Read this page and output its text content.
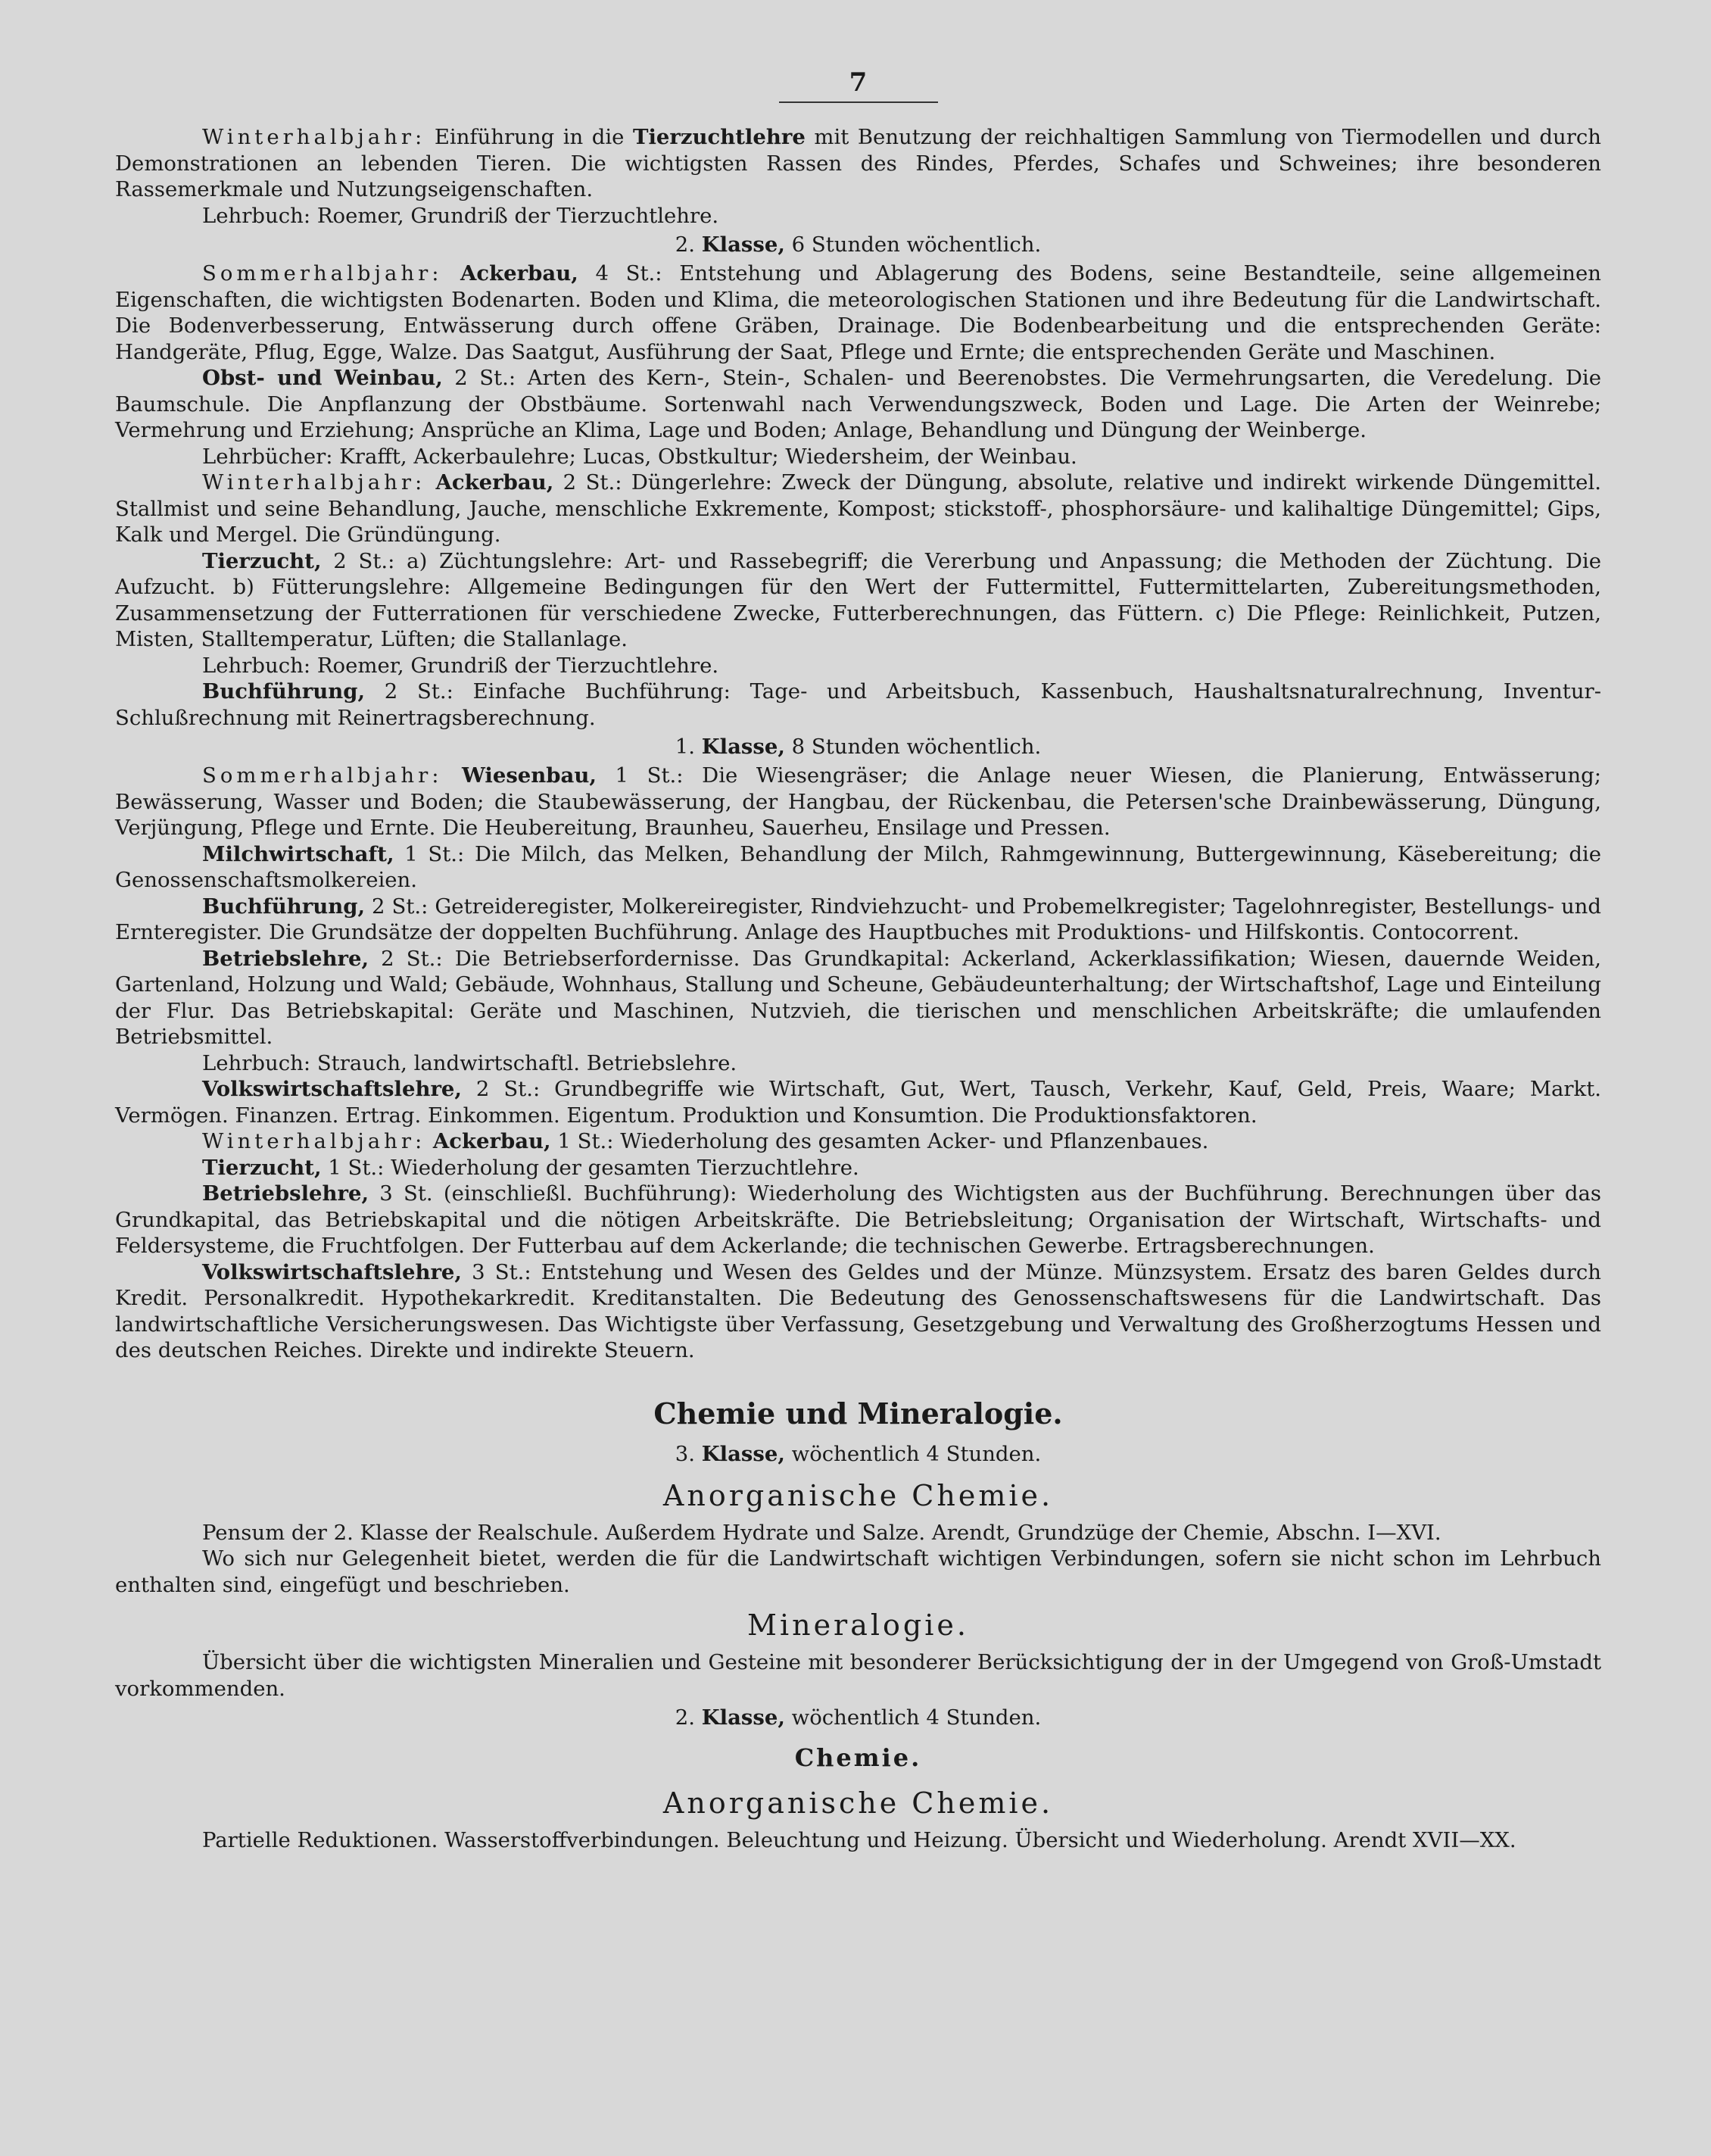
7

Winterhalbjahr: Einführung in die Tierzuchtlehre mit Benutzung der reichhaltigen Sammlung von Tiermodellen und durch Demonstrationen an lebenden Tieren. Die wichtigsten Rassen des Rindes, Pferdes, Schafes und Schweines; ihre besonderen Rassemerkmale und Nutzungseigenschaften.

Lehrbuch: Roemer, Grundriß der Tierzuchtlehre.

2. Klasse, 6 Stunden wöchentlich.

Sommerhalbjahr: Ackerbau, 4 St.: Entstehung und Ablagerung des Bodens, seine Bestandteile, seine allgemeinen Eigenschaften, die wichtigsten Bodenarten. Boden und Klima, die meteorologischen Stationen und ihre Bedeutung für die Landwirtschaft. Die Bodenverbesserung, Entwässerung durch offene Gräben, Drainage. Die Bodenbearbeitung und die entsprechenden Geräte: Handgeräte, Pflug, Egge, Walze. Das Saatgut, Ausführung der Saat, Pflege und Ernte; die entsprechenden Geräte und Maschinen.

Obst- und Weinbau, 2 St.: Arten des Kern-, Stein-, Schalen- und Beerenobstes. Die Vermehrungsarten, die Veredelung. Die Baumschule. Die Anpflanzung der Obstbäume. Sortenwahl nach Verwendungszweck, Boden und Lage. Die Arten der Weinrebe; Vermehrung und Erziehung; Ansprüche an Klima, Lage und Boden; Anlage, Behandlung und Düngung der Weinberge.

Lehrbücher: Krafft, Ackerbaulehre; Lucas, Obstkultur; Wiedersheim, der Weinbau.

Winterhalbjahr: Ackerbau, 2 St.: Düngerlehre: Zweck der Düngung, absolute, relative und indirekt wirkende Düngemittel. Stallmist und seine Behandlung, Jauche, menschliche Exkremente, Kompost; stickstoff-, phosphorsäure- und kalihaltige Düngemittel; Gips, Kalk und Mergel. Die Gründüngung.

Tierzucht, 2 St.: a) Züchtungslehre: Art- und Rassebegriff; die Vererbung und Anpassung; die Methoden der Züchtung. Die Aufzucht. b) Fütterungslehre: Allgemeine Bedingungen für den Wert der Futtermittel, Futtermittelarten, Zubereitungsmethoden, Zusammensetzung der Futterrationen für verschiedene Zwecke, Futterberechnungen, das Füttern. c) Die Pflege: Reinlichkeit, Putzen, Misten, Stalltemperatur, Lüften; die Stallanlage.

Lehrbuch: Roemer, Grundriß der Tierzuchtlehre.

Buchführung, 2 St.: Einfache Buchführung: Tage- und Arbeitsbuch, Kassenbuch, Haushaltsnaturalrechnung, Inventur-Schlußrechnung mit Reinertragsberechnung.

1. Klasse, 8 Stunden wöchentlich.

Sommerhalbjahr: Wiesenbau, 1 St.: Die Wiesengräser; die Anlage neuer Wiesen, die Planierung, Entwässerung; Bewässerung, Wasser und Boden; die Staubewässerung, der Hangbau, der Rückenbau, die Petersen'sche Drainbewässerung, Düngung, Verjüngung, Pflege und Ernte. Die Heubereitung, Braunheu, Sauerheu, Ensilage und Pressen.

Milchwirtschaft, 1 St.: Die Milch, das Melken, Behandlung der Milch, Rahmgewinnung, Buttergewinnung, Käsebereitung; die Genossenschaftsmolkereien.

Buchführung, 2 St.: Getreideregister, Molkereiregister, Rindviehzucht- und Probemelkregister; Tagelohnregister, Bestellungs- und Ernteregister. Die Grundsätze der doppelten Buchführung. Anlage des Hauptbuches mit Produktions- und Hilfskontis. Contocorrent.

Betriebslehre, 2 St.: Die Betriebserfordernisse. Das Grundkapital: Ackerland, Ackerklassifikation; Wiesen, dauernde Weiden, Gartenland, Holzung und Wald; Gebäude, Wohnhaus, Stallung und Scheune, Gebäudeunterhaltung; der Wirtschaftshof, Lage und Einteilung der Flur. Das Betriebskapital: Geräte und Maschinen, Nutzvieh, die tierischen und menschlichen Arbeitskräfte; die umlaufenden Betriebsmittel.

Lehrbuch: Strauch, landwirtschaftl. Betriebslehre.

Volkswirtschaftslehre, 2 St.: Grundbegriffe wie Wirtschaft, Gut, Wert, Tausch, Verkehr, Kauf, Geld, Preis, Waare; Markt. Vermögen. Finanzen. Ertrag. Einkommen. Eigentum. Produktion und Konsumtion. Die Produktionsfaktoren.

Winterhalbjahr: Ackerbau, 1 St.: Wiederholung des gesamten Acker- und Pflanzenbaues.

Tierzucht, 1 St.: Wiederholung der gesamten Tierzuchtlehre.

Betriebslehre, 3 St. (einschließl. Buchführung): Wiederholung des Wichtigsten aus der Buchführung. Berechnungen über das Grundkapital, das Betriebskapital und die nötigen Arbeitskräfte. Die Betriebsleitung; Organisation der Wirtschaft, Wirtschafts- und Feldersysteme, die Fruchtfolgen. Der Futterbau auf dem Ackerlande; die technischen Gewerbe. Ertragsberechnungen.

Volkswirtschaftslehre, 3 St.: Entstehung und Wesen des Geldes und der Münze. Münzsystem. Ersatz des baren Geldes durch Kredit. Personalkredit. Hypothekarkredit. Kreditanstalten. Die Bedeutung des Genossenschaftswesens für die Landwirtschaft. Das landwirtschaftliche Versicherungswesen. Das Wichtigste über Verfassung, Gesetzgebung und Verwaltung des Großherzogtums Hessen und des deutschen Reiches. Direkte und indirekte Steuern.

Chemie und Mineralogie.
3. Klasse, wöchentlich 4 Stunden.
Anorganische Chemie.

Pensum der 2. Klasse der Realschule. Außerdem Hydrate und Salze. Arendt, Grundzüge der Chemie, Abschn. I—XVI.

Wo sich nur Gelegenheit bietet, werden die für die Landwirtschaft wichtigen Verbindungen, sofern sie nicht schon im Lehrbuch enthalten sind, eingefügt und beschrieben.

Mineralogie.

Übersicht über die wichtigsten Mineralien und Gesteine mit besonderer Berücksichtigung der in der Umgegend von Groß-Umstadt vorkommenden.

2. Klasse, wöchentlich 4 Stunden.
Chemie.
Anorganische Chemie.

Partielle Reduktionen. Wasserstoffverbindungen. Beleuchtung und Heizung. Übersicht und Wiederholung. Arendt XVII—XX.
